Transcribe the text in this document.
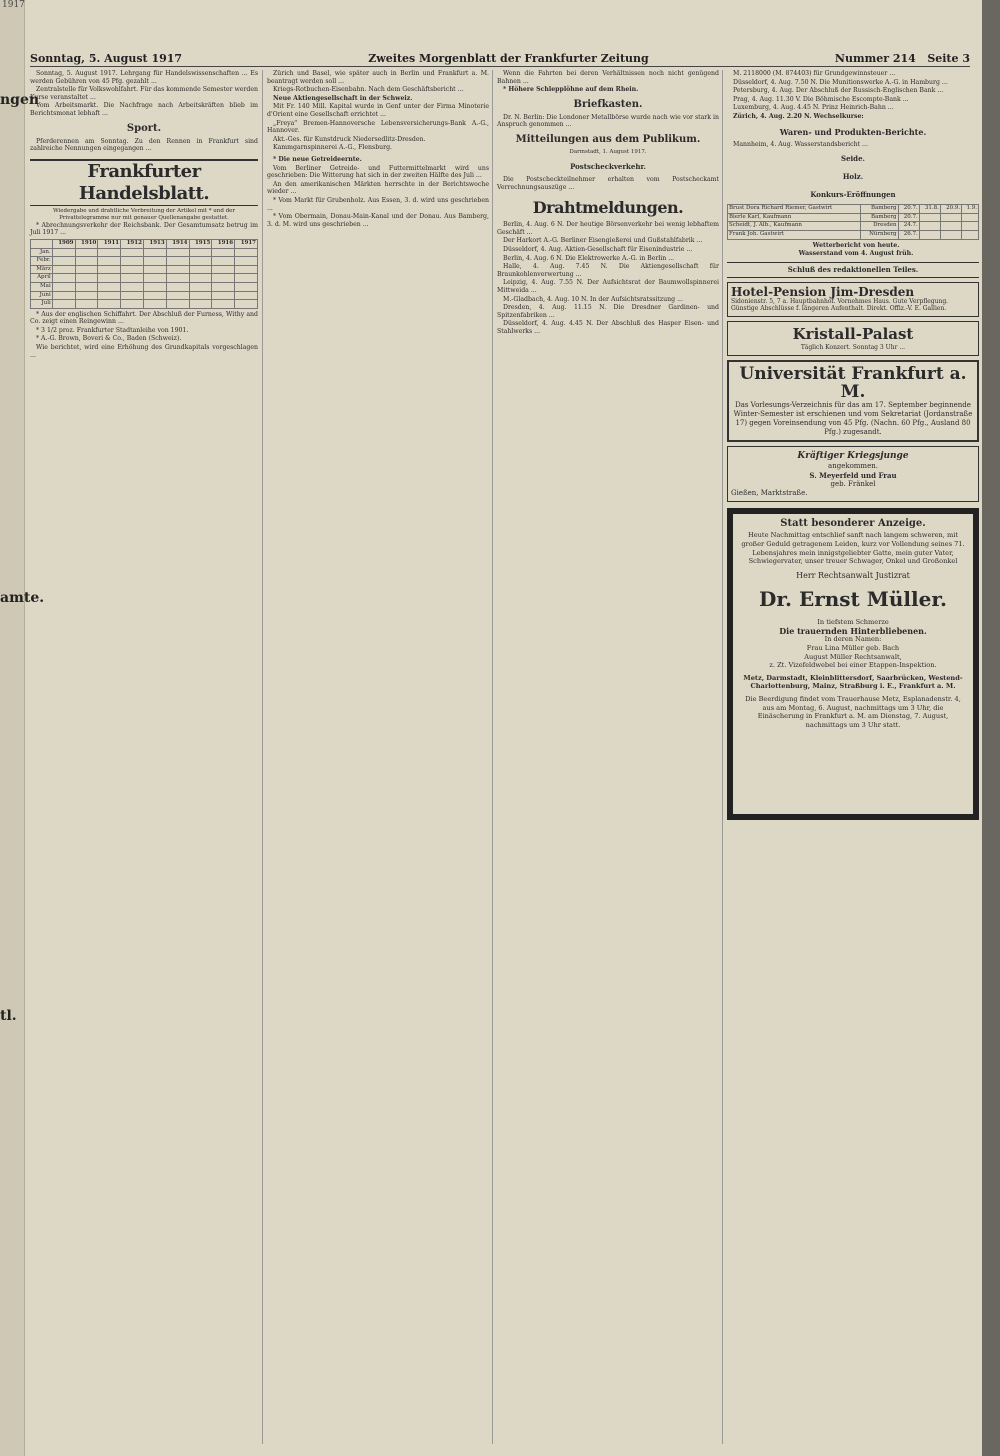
1917
ngen
amte.
tl.
Sonntag, 5. August 1917	Zweites Morgenblatt der Frankfurter Zeitung	Nummer 214 Seite 3

Sonntag, 5. August 1917. Lehrgang für Handelswissenschaften ... Es werden Gebühren von 45 Pfg. gezahlt ...

Zentralstelle für Volkswohlfahrt. Für das kommende Semester werden Kurse veranstaltet ...

Vom Arbeitsmarkt. Die Nachfrage nach Arbeitskräften blieb im Berichtsmonat lebhaft ...

Sport.

Pferderennen am Sonntag. Zu den Rennen in Frankfurt sind zahlreiche Nennungen eingegangen ...

Frankfurter Handelsblatt.
Wiedergabe und drahtliche Verbreitung der Artikel mit * und der Privattelegramme nur mit genauer Quellenangabe gestattet.

* Abrechnungsverkehr der Reichsbank. Der Gesamtumsatz betrug im Juli 1917 ...

	1909	1910	1911	1912	1913	1914	1915	1916	1917
Jan.									
Febr.									
März									
April									
Mai									
Juni									
Juli									

* Aus der englischen Schiffahrt. Der Abschluß der Furness, Withy and Co. zeigt einen Reingewinn ...

* 3 1/2 proz. Frankfurter Stadtanleihe von 1901.

* A.-G. Brown, Boveri & Co., Baden (Schweiz).

Wie berichtet, wird eine Erhöhung des Grundkapitals vorgeschlagen ...

Zürich und Basel, wie später auch in Berlin und Frankfurt a. M. beantragt werden soll ...

Kriegs-Rotbuchen-Eisenbahn. Nach dem Geschäftsbericht ...

Neue Aktiengesellschaft in der Schweiz.

Mit Fr. 140 Mill. Kapital wurde in Genf unter der Firma Minoterie d'Orient eine Gesellschaft errichtet ...

„Freya" Bremen-Hannoversche Lebensversicherungs-Bank A.-G., Hannover.

Akt.-Ges. für Kunstdruck Niedersedlitz-Dresden.

Kammgarnspinnerei A.-G., Flensburg.

* Die neue Getreideernte.

Vom Berliner Getreide- und Futtermittelmarkt wird uns geschrieben: Die Witterung hat sich in der zweiten Hälfte des Juli ...

An den amerikanischen Märkten herrschte in der Berichtswoche wieder ...

* Vom Markt für Grubenholz. Aus Essen, 3. d. wird uns geschrieben ...

* Vom Obermain, Donau-Main-Kanal und der Donau. Aus Bamberg, 3. d. M. wird uns geschrieben ...

Wenn die Fahrten bei deren Verhältnissen noch nicht genügend Bahnen ...

* Höhere Schlepplöhne auf dem Rhein.

Briefkasten.

Dr. N. Berlin: Die Londoner Metallbörse wurde nach wie vor stark in Anspruch genommen ...

Mitteilungen aus dem Publikum.
Darmstadt, 1. August 1917.
Postscheckverkehr.

Die Postscheckteilnehmer erhalten vom Postscheckamt Verrechnungsauszüge ...

Drahtmeldungen.

Berlin, 4. Aug. 6 N. Der heutige Börsenverkehr bei wenig lebhaftem Geschäft ...

Der Harkort A.-G. Berliner Eisengießerei und Gußstahlfabrik ...

Düsseldorf, 4. Aug. Aktien-Gesellschaft für Eisenindustrie ...

Berlin, 4. Aug. 6 N. Die Elektrowerke A.-G. in Berlin ...

Halle, 4. Aug. 7.45 N. Die Aktiengesellschaft für Braunkohlenverwertung ...

Leipzig, 4. Aug. 7.55 N. Der Aufsichtsrat der Baumwollspinnerei Mittweida ...

M.-Gladbach, 4. Aug. 10 N. In der Aufsichtsratssitzung ...

Dresden, 4. Aug. 11.15 N. Die Dresdner Gardinen- und Spitzenfabriken ...

Düsseldorf, 4. Aug. 4.45 N. Der Abschluß des Hasper Eisen- und Stahlwerks ...

M. 2118000 (M. 874403) für Grundgewinnsteuer ...

Düsseldorf, 4. Aug. 7.50 N. Die Munitionswerke A.-G. in Hamburg ...

Petersburg, 4. Aug. Der Abschluß der Russisch-Englischen Bank ...

Prag, 4. Aug. 11.30 V. Die Böhmische Escompte-Bank ...

Luxemburg, 4. Aug. 4.45 N. Prinz Heinrich-Bahn ...

Zürich, 4. Aug. 2.20 N. Wechselkurse:

Waren- und Produkten-Berichte.

Mannheim, 4. Aug. Wasserstandsbericht ...

Seide.
Holz.
Konkurs-Eröffnungen
Brust Dora Richard Riemer, Gastwirt	Bamberg	20.7.	31.8.	20.9.	1.9.
Bierle Karl, Kaufmann	Bamberg	20.7.			
Scheidt, J. Alb., Kaufmann	Dresden	24.7.			
Frank Joh. Gastwirt	Nürnberg	26.7.			

Wetterbericht von heute.

Wasserstand vom 4. August früh.

Schluß des redaktionellen Teiles.
Hotel-Pension Jim-Dresden
Sidonienstr. 5, 7 a. Hauptbahnhof. Vornehmes Haus. Gute Verpflegung. Günstige Abschlüsse f. längeren Aufenthalt. Direkt. Offiz.-V. E. Gallien.
Kristall-Palast
Täglich Konzert. Sonntag 3 Uhr ...
Universität Frankfurt a. M.
Das Vorlesungs-Verzeichnis für das am 17. September beginnende Winter-Semester ist erschienen und vom Sekretariat (Jordanstraße 17) gegen Voreinsendung von 45 Pfg. (Nachn. 60 Pfg., Ausland 80 Pfg.) zugesandt.
Kräftiger Kriegsjunge
angekommen.
S. Meyerfeld und Frau
geb. Fränkel
Gießen, Marktstraße.
Statt besonderer Anzeige.
Heute Nachmittag entschlief sanft nach langem schweren, mit großer Geduld getragenem Leiden, kurz vor Vollendung seines 71. Lebensjahres mein innigstgeliebter Gatte, mein guter Vater, Schwiegervater, unser treuer Schwager, Onkel und Großonkel
Herr Rechtsanwalt Justizrat
Dr. Ernst Müller.
In tiefstem Schmerze
Die trauernden Hinterbliebenen.
In deren Namen:
Frau Lina Müller geb. Bach
August Müller Rechtsanwalt,
z. Zt. Vizefeldwebel bei einer Etappen-Inspektion.
Metz, Darmstadt, Kleinblittersdorf, Saarbrücken, Westend-Charlottenburg, Mainz, Straßburg i. E., Frankfurt a. M.
Die Beerdigung findet vom Trauerhause Metz, Esplanadenstr. 4, aus am Montag, 6. August, nachmittags um 3 Uhr, die Einäscherung in Frankfurt a. M. am Dienstag, 7. August, nachmittags um 3 Uhr statt.
